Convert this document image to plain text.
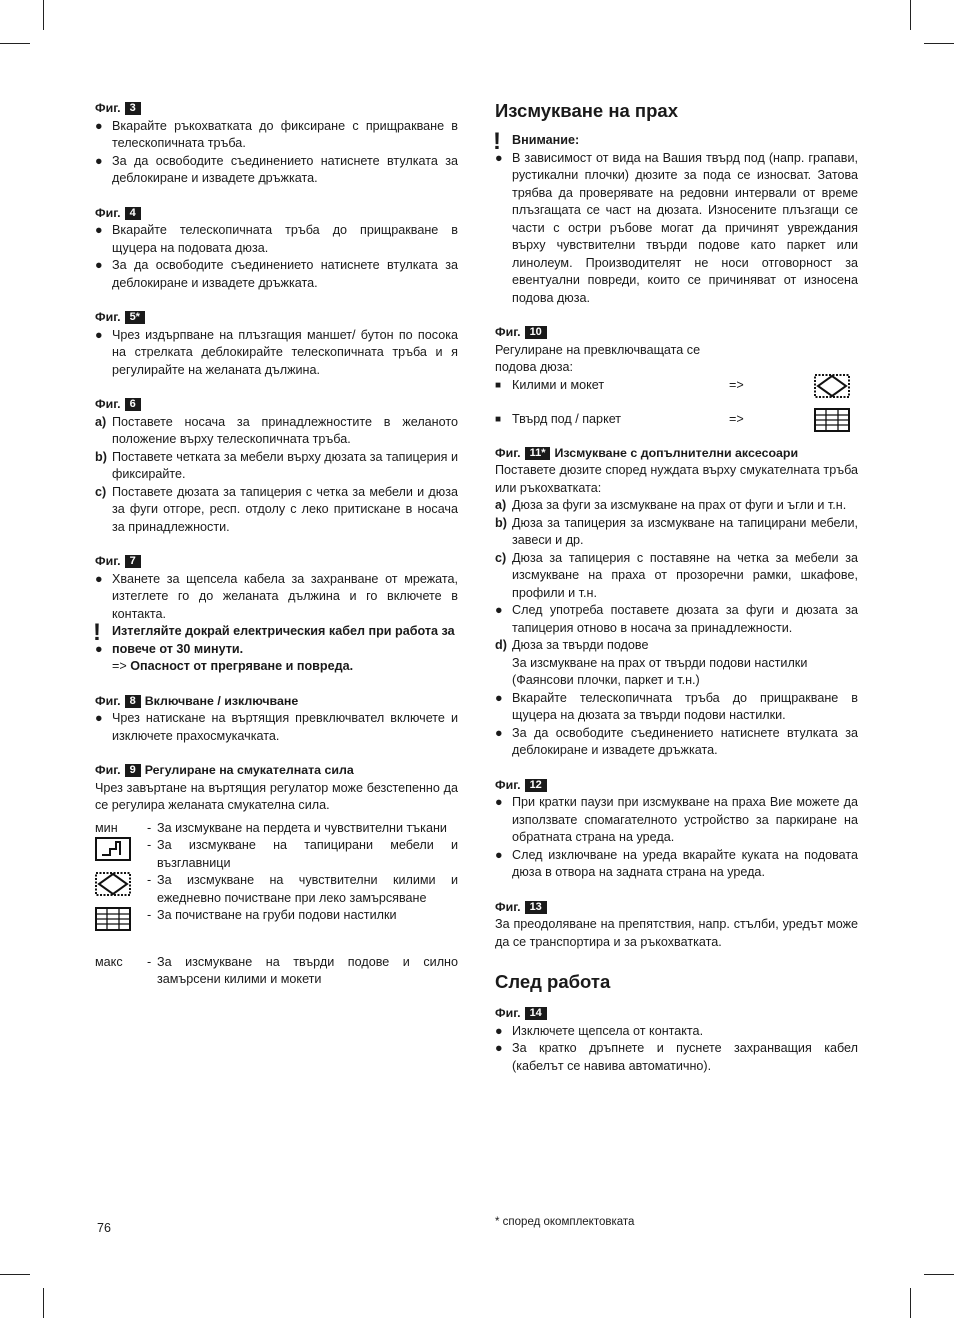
Фиг. 3
● Вкарайте ръкохватката до фиксиране с прищракване в телескопичната тръба.
● За да освободите съединението натиснете втулката за деблокиране и извадете дръжката.
Фиг. 4
● Вкарайте телескопичната тръба до прищракване в щуцера на подовата дюза.
● За да освободите съединението натиснете втулката за деблокиране и извадете дръжката.
Фиг. 5*
● Чрез издърпване на плъзгащия маншет/ бутон по посока на стрелката деблокирайте телескопичната тръба и я регулирайте на желаната дължина.
Фиг. 6
a) Поставете носача за принадлежностите в желаното положение върху телескопичната тръба.
b) Поставете четката за мебели върху дюзата за тапицерия и фиксирайте.
c) Поставете дюзата за тапицерия с четка за мебели и дюза за фуги отгоре, респ. отдолу с леко притискане в носача за принадлежности.
Фиг. 7
● Хванете за щепсела кабела за захранване от мрежата, изтеглете го до желаната дължина и го включете в контакта.
!
●
Изтегляйте докрай електрическия кабел при работа за повече от 30 минути.
=> Опасност от прегряване и повреда.
Фиг. 8 Включване / изключване
● Чрез натискане на въртящия превключвател включете и изключете прахосмукачката.
Фиг. 9 Регулиране на смукателната сила
Чрез завъртане на въртящия регулатор може безстепенно да се регулира желаната смукателна сила.
мин	- За изсмукване на пердета и чувствителни тъкани
- За изсмукване на тапицирани мебели и възглавници
- За изсмукване на чувствителни килими и ежедневно почистване при леко замърсяване
- За почистване на груби подови настилки
макс	- За изсмукване на твърди подове и силно замърсени килими и мокети
Изсмукване на прах
!
●
Внимание:
В зависимост от вида на Вашия твърд под (напр. грапави, рустикални плочки) дюзите за пода се износват. Затова трябва да проверявате на редовни интервали от време плъзгащата се част на дюзата. Износените плъзгащи се части с остри ръбове могат да причинят увреждания върху чувствителни твърди подове като паркет или линолеум. Производителят не носи отговорност за евентуални повреди, които се причиняват от износена подова дюза.
Фиг. 10
Регулиране на превключващата се подова дюза:
■ Килими и мокет	=>
■ Твърд под / паркет	=>
Фиг. 11* Изсмукване с допълнителни аксесоари
Поставете дюзите според нуждата върху смукателната тръба или ръкохватката:
a) Дюза за фуги за изсмукване на прах от фуги и ъгли и т.н.
b) Дюза за тапицерия за изсмукване на тапицирани мебели, завеси и др.
c) Дюза за тапицерия с поставяне на четка за мебели за изсмукване на праха от прозоречни рамки, шкафове, профили и т.н.
● След употреба поставете дюзата за фуги и дюзата за тапицерия отново в носача за принадлежности.
d) Дюза за твърди подове
За изсмукване на прах от твърди подови настилки (Фаянсови плочки, паркет и т.н.)
● Вкарайте телескопичната тръба до прищракване в щуцера на дюзата за твърди подови настилки.
● За да освободите съединението натиснете втулката за деблокиране и извадете дръжката.
Фиг. 12
● При кратки паузи при изсмукване на праха Вие можете да използвате спомагателното устройство за паркиране на обратната страна на уреда.
● След изключване на уреда вкарайте куката на подовата дюза в отвора на задната страна на уреда.
Фиг. 13
За преодоляване на препятствия, напр. стълби, уредът може да се транспортира и за ръкохватката.
След работа
Фиг. 14
● Изключете щепсела от контакта.
● За кратко дръпнете и пуснете захранващия кабел (кабелът се навива автоматично).
* според окомплектовката
76
